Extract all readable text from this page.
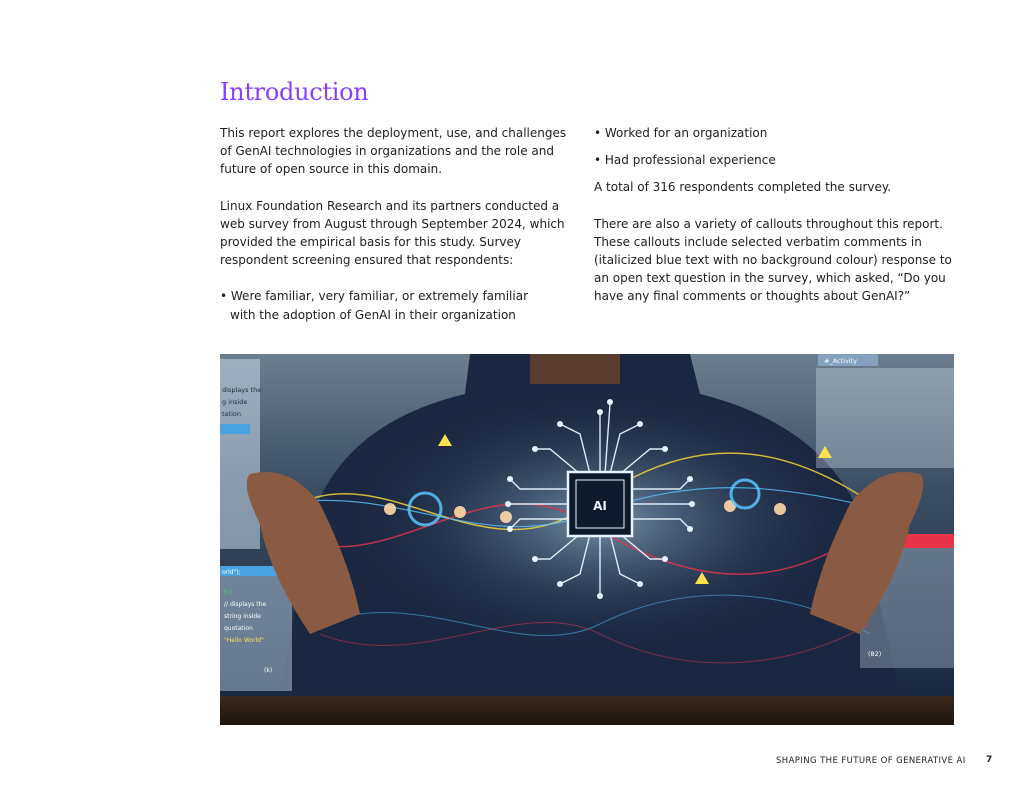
Introduction

This report explores the deployment, use, and challenges of GenAI technologies in organizations and the role and future of open source in this domain.

Linux Foundation Research and its partners conducted a web survey from August through September 2024, which provided the empirical basis for this study. Survey respondent screening ensured that respondents:

• Were familiar, very familiar, or extremely familiar
with the adoption of GenAI in their organization

• Worked for an organization

• Had professional experience

A total of 316 respondents completed the survey.

There are also a variety of callouts throughout this report. These callouts include selected verbatim comments in (italicized blue text with no background colour) response to an open text question in the survey, which asked, “Do you have any final comments or thoughts about GenAI?”

AI
SHAPING THE FUTURE OF GENERATIVE AI 7
